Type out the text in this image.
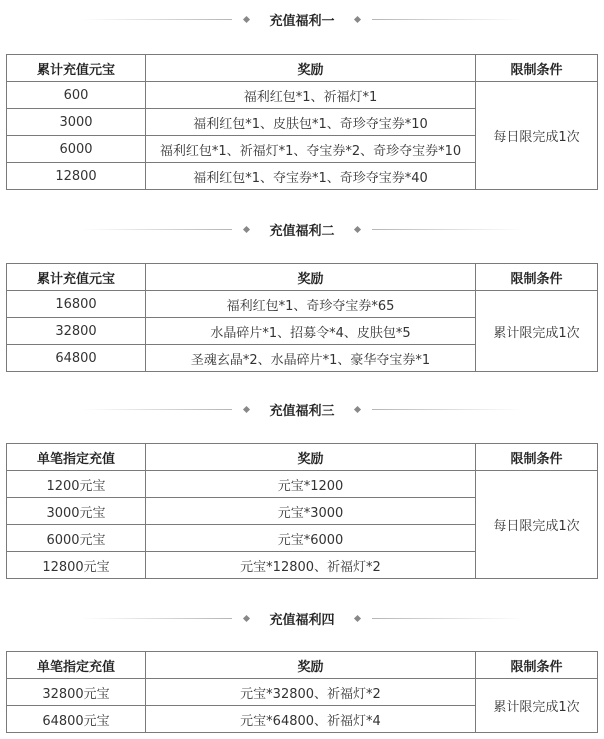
充值福利一
累计充值元宝	奖励	限制条件
600	福利红包*1、祈福灯*1	每日限完成1次
3000	福利红包*1、皮肤包*1、奇珍夺宝券*10	
6000	福利红包*1、祈福灯*1、夺宝券*2、奇珍夺宝券*10	
12800	福利红包*1、夺宝券*1、奇珍夺宝券*40	
充值福利二
累计充值元宝	奖励	限制条件
16800	福利红包*1、奇珍夺宝券*65	累计限完成1次
32800	水晶碎片*1、招募令*4、皮肤包*5	
64800	圣魂玄晶*2、水晶碎片*1、豪华夺宝券*1	
充值福利三
单笔指定充值	奖励	限制条件
1200元宝	元宝*1200	每日限完成1次
3000元宝	元宝*3000	
6000元宝	元宝*6000	
12800元宝	元宝*12800、祈福灯*2	
充值福利四
单笔指定充值	奖励	限制条件
32800元宝	元宝*32800、祈福灯*2	累计限完成1次
64800元宝	元宝*64800、祈福灯*4	
